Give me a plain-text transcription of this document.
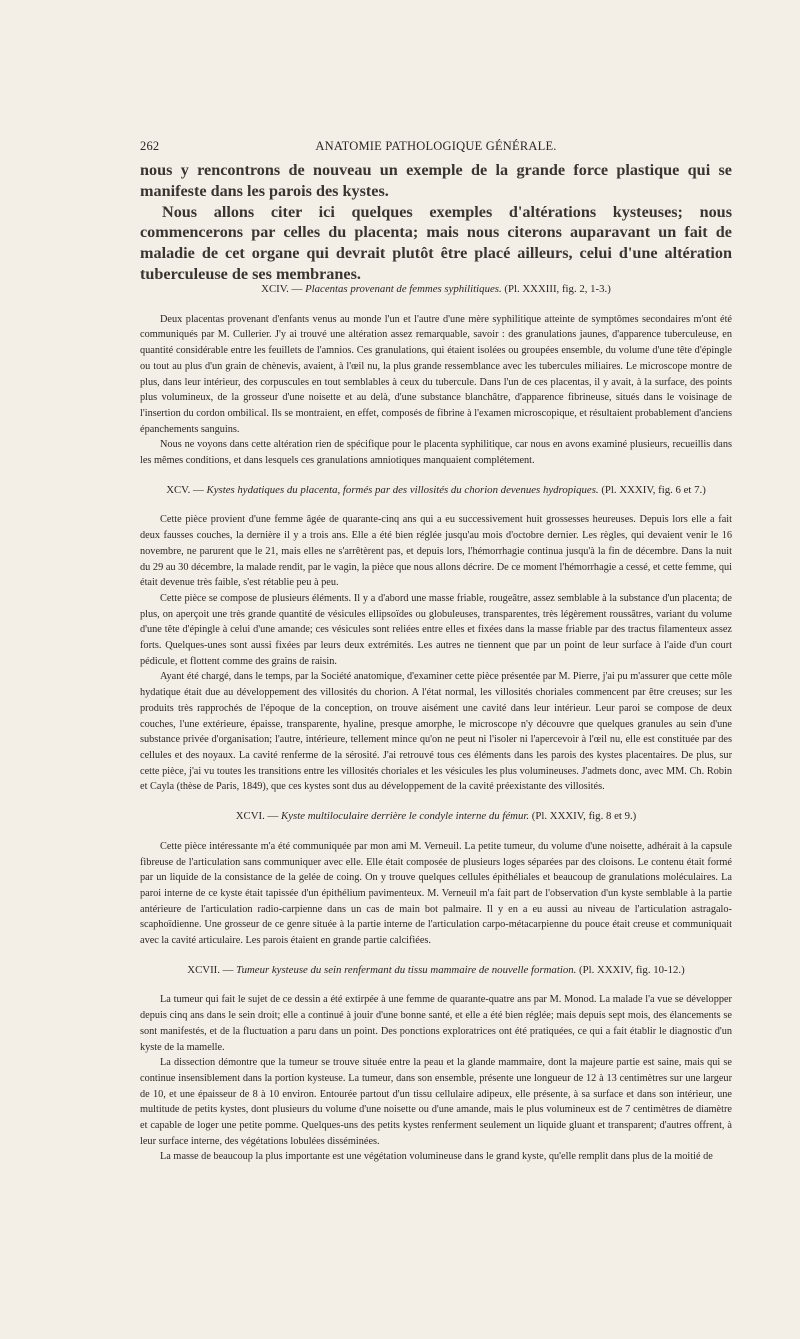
262	ANATOMIE PATHOLOGIQUE GÉNÉRALE.

nous y rencontrons de nouveau un exemple de la grande force plastique qui se manifeste dans les parois des kystes.

Nous allons citer ici quelques exemples d'altérations kysteuses; nous commencerons par celles du placenta; mais nous citerons auparavant un fait de maladie de cet organe qui devrait plutôt être placé ailleurs, celui d'une altération tuberculeuse de ses membranes.

XCIV. — Placentas provenant de femmes syphilitiques. (Pl. XXXIII, fig. 2, 1-3.)

Deux placentas provenant d'enfants venus au monde l'un et l'autre d'une mère syphilitique atteinte de symptômes secondaires m'ont été communiqués par M. Cullerier. J'y ai trouvé une altération assez remarquable, savoir : des granulations jaunes, d'apparence tuberculeuse, en quantité considérable entre les feuillets de l'amnios. Ces granulations, qui étaient isolées ou groupées ensemble, du volume d'une tête d'épingle ou tout au plus d'un grain de chènevis, avaient, à l'œil nu, la plus grande ressemblance avec les tubercules miliaires. Le microscope montre de plus, dans leur intérieur, des corpuscules en tout semblables à ceux du tubercule. Dans l'un de ces placentas, il y avait, à la surface, des points plus volumineux, de la grosseur d'une noisette et au delà, d'une substance blanchâtre, d'apparence fibrineuse, situés dans le voisinage de l'insertion du cordon ombilical. Ils se montraient, en effet, composés de fibrine à l'examen microscopique, et résultaient probablement d'anciens épanchements sanguins.

Nous ne voyons dans cette altération rien de spécifique pour le placenta syphilitique, car nous en avons examiné plusieurs, recueillis dans les mêmes conditions, et dans lesquels ces granulations amniotiques manquaient complétement.

XCV. — Kystes hydatiques du placenta, formés par des villosités du chorion devenues hydropiques. (Pl. XXXIV, fig. 6 et 7.)

Cette pièce provient d'une femme âgée de quarante-cinq ans qui a eu successivement huit grossesses heureuses. Depuis lors elle a fait deux fausses couches, la dernière il y a trois ans. Elle a été bien réglée jusqu'au mois d'octobre dernier. Les règles, qui devaient venir le 16 novembre, ne parurent que le 21, mais elles ne s'arrêtèrent pas, et depuis lors, l'hémorrhagie continua jusqu'à la fin de décembre. Dans la nuit du 29 au 30 décembre, la malade rendit, par le vagin, la pièce que nous allons décrire. De ce moment l'hémorrhagie a cessé, et cette femme, qui était devenue très faible, s'est rétablie peu à peu.

Cette pièce se compose de plusieurs éléments. Il y a d'abord une masse friable, rougeâtre, assez semblable à la substance d'un placenta; de plus, on aperçoit une très grande quantité de vésicules ellipsoïdes ou globuleuses, transparentes, très légèrement roussâtres, variant du volume d'une tête d'épingle à celui d'une amande; ces vésicules sont reliées entre elles et fixées dans la masse friable par des tractus filamenteux assez forts. Quelques-unes sont aussi fixées par leurs deux extrémités. Les autres ne tiennent que par un point de leur surface à l'aide d'un court pédicule, et flottent comme des grains de raisin.

Ayant été chargé, dans le temps, par la Société anatomique, d'examiner cette pièce présentée par M. Pierre, j'ai pu m'assurer que cette môle hydatique était due au développement des villosités du chorion. A l'état normal, les villosités choriales commencent par être creuses; sur les produits très rapprochés de l'époque de la conception, on trouve aisément une cavité dans leur intérieur. Leur paroi se compose de deux couches, l'une extérieure, épaisse, transparente, hyaline, presque amorphe, le microscope n'y découvre que quelques granules au sein d'une substance privée d'organisation; l'autre, intérieure, tellement mince qu'on ne peut ni l'isoler ni l'apercevoir à l'œil nu, elle est constituée par des cellules et des noyaux. La cavité renferme de la sérosité. J'ai retrouvé tous ces éléments dans les parois des kystes placentaires. De plus, sur cette pièce, j'ai vu toutes les transitions entre les villosités choriales et les vésicules les plus volumineuses. J'admets donc, avec MM. Ch. Robin et Cayla (thèse de Paris, 1849), que ces kystes sont dus au développement de la cavité préexistante des villosités.

XCVI. — Kyste multiloculaire derrière le condyle interne du fémur. (Pl. XXXIV, fig. 8 et 9.)

Cette pièce intéressante m'a été communiquée par mon ami M. Verneuil. La petite tumeur, du volume d'une noisette, adhérait à la capsule fibreuse de l'articulation sans communiquer avec elle. Elle était composée de plusieurs loges séparées par des cloisons. Le contenu était formé par un liquide de la consistance de la gelée de coing. On y trouve quelques cellules épithéliales et beaucoup de granulations moléculaires. La paroi interne de ce kyste était tapissée d'un épithélium pavimenteux. M. Verneuil m'a fait part de l'observation d'un kyste semblable à la partie antérieure de l'articulation radio-carpienne dans un cas de main bot palmaire. Il y en a eu aussi au niveau de l'articulation astragalo-scaphoïdienne. Une grosseur de ce genre située à la partie interne de l'articulation carpo-métacarpienne du pouce était creuse et communiquait avec la cavité articulaire. Les parois étaient en grande partie calcifiées.

XCVII. — Tumeur kysteuse du sein renfermant du tissu mammaire de nouvelle formation. (Pl. XXXIV, fig. 10-12.)

La tumeur qui fait le sujet de ce dessin a été extirpée à une femme de quarante-quatre ans par M. Monod. La malade l'a vue se développer depuis cinq ans dans le sein droit; elle a continué à jouir d'une bonne santé, et elle a été bien réglée; mais depuis sept mois, des élancements se sont manifestés, et de la fluctuation a paru dans un point. Des ponctions exploratrices ont été pratiquées, ce qui a fait établir le diagnostic d'un kyste de la mamelle.

La dissection démontre que la tumeur se trouve située entre la peau et la glande mammaire, dont la majeure partie est saine, mais qui se continue insensiblement dans la portion kysteuse. La tumeur, dans son ensemble, présente une longueur de 12 à 13 centimètres sur une largeur de 10, et une épaisseur de 8 à 10 environ. Entourée partout d'un tissu cellulaire adipeux, elle présente, à sa surface et dans son intérieur, une multitude de petits kystes, dont plusieurs du volume d'une noisette ou d'une amande, mais le plus volumineux est de 7 centimètres de diamètre et capable de loger une petite pomme. Quelques-uns des petits kystes renferment seulement un liquide gluant et transparent; d'autres offrent, à leur surface interne, des végétations lobulées disséminées.

La masse de beaucoup la plus importante est une végétation volumineuse dans le grand kyste, qu'elle remplit dans plus de la moitié de
